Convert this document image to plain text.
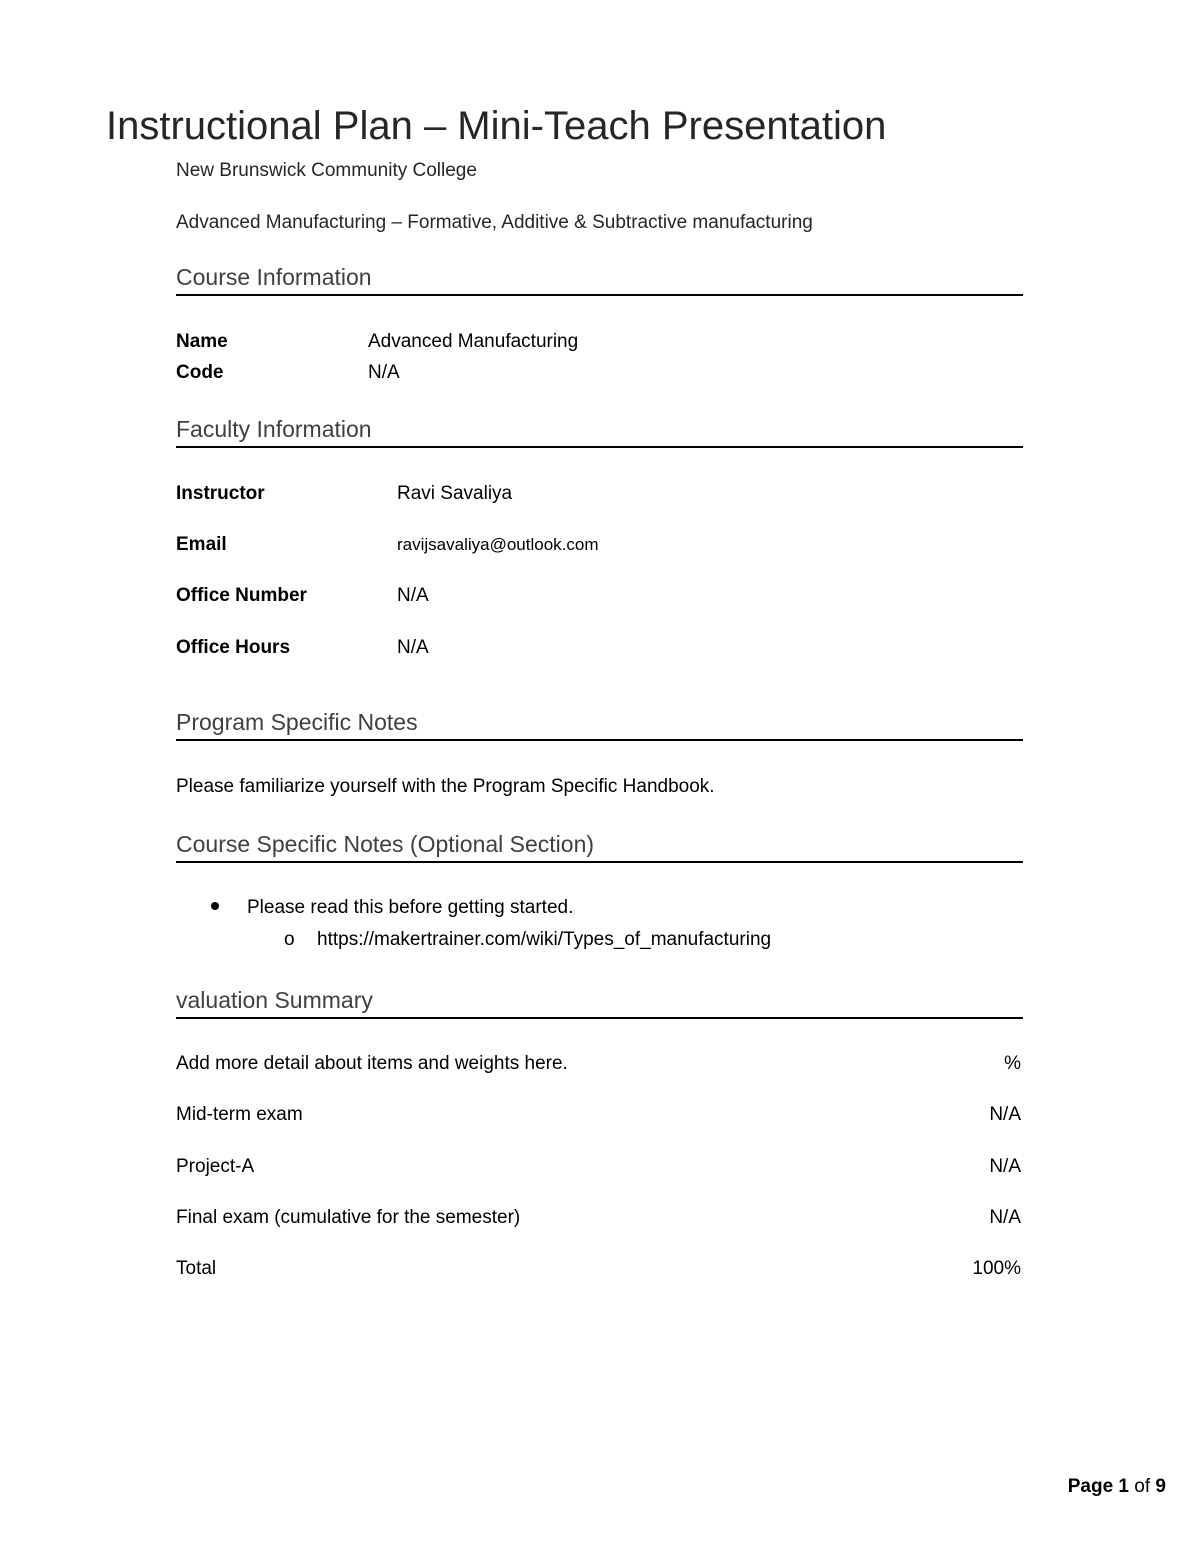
Instructional Plan – Mini-Teach Presentation
New Brunswick Community College
Advanced Manufacturing – Formative, Additive & Subtractive manufacturing
Course Information
Name	Advanced Manufacturing
Code	N/A
Faculty Information
Instructor	Ravi Savaliya
Email	ravijsavaliya@outlook.com
Office Number	N/A
Office Hours	N/A
Program Specific Notes
Please familiarize yourself with the Program Specific Handbook.
Course Specific Notes (Optional Section)
Please read this before getting started.
o https://makertrainer.com/wiki/Types_of_manufacturing
valuation Summary
Add more detail about items and weights here.	%
Mid-term exam	N/A
Project-A	N/A
Final exam (cumulative for the semester)	N/A
Total	100%
Page 1 of 9
